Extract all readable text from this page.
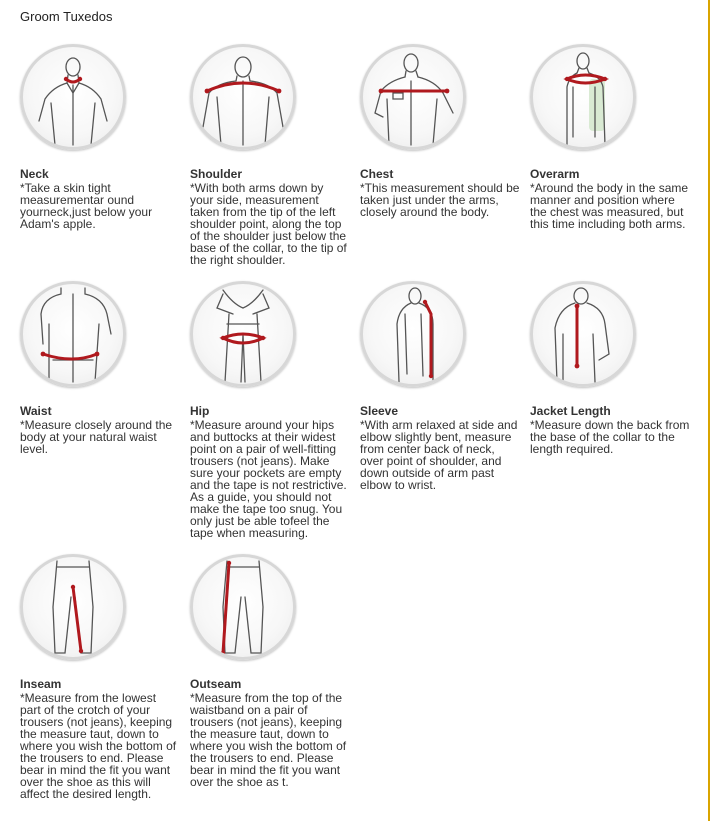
Groom Tuxedos
Neck
*Take a skin tight measurementar ound yourneck,just below your Adam's apple.
Shoulder
*With both arms down by your side, measurement taken from the tip of the left shoulder point, along the top of the shoulder just below the base of the collar, to the tip of the right shoulder.
Chest
*This measurement should be taken just under the arms, closely around the body.
Overarm
*Around the body in the same manner and position where the chest was measured, but this time including both arms.
Waist
*Measure closely around the body at your natural waist level.
Hip
*Measure around your hips and buttocks at their widest point on a pair of well-fitting trousers (not jeans). Make sure your pockets are empty and the tape is not restrictive. As a guide, you should not make the tape too snug. You only just be able tofeel the tape when measuring.
Sleeve
*With arm relaxed at side and elbow slightly bent, measure from center back of neck, over point of shoulder, and down outside of arm past elbow to wrist.
Jacket Length
*Measure down the back from the base of the collar to the length required.
Inseam
*Measure from the lowest part of the crotch of your trousers (not jeans), keeping the measure taut, down to where you wish the bottom of the trousers to end. Please bear in mind the fit you want over the shoe as this will affect the desired length.
Outseam
*Measure from the top of the waistband on a pair of trousers (not jeans), keeping the measure taut, down to where you wish the bottom of the trousers to end. Please bear in mind the fit you want over the shoe as t.
